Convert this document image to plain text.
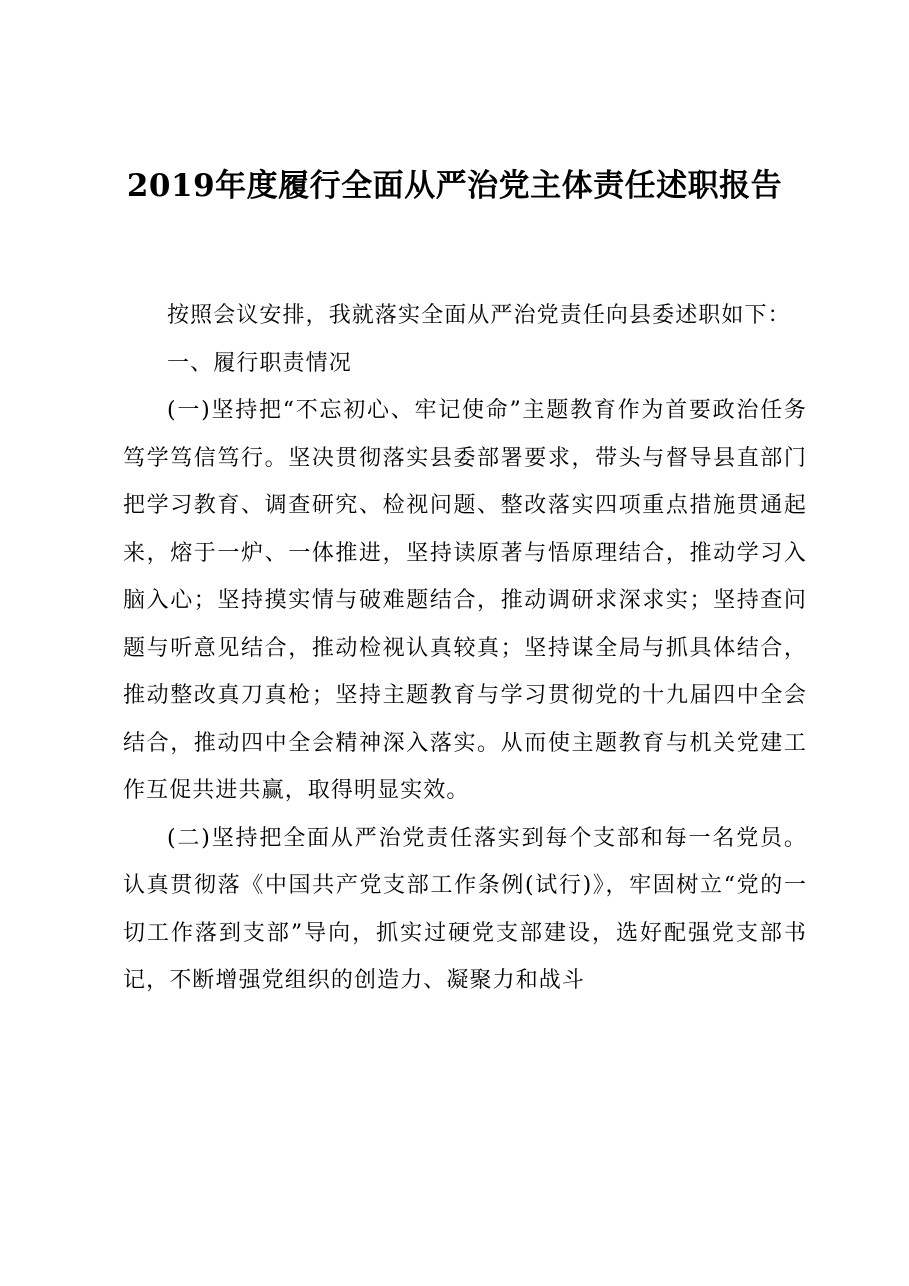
2019年度履行全面从严治党主体责任述职报告

按照会议安排，我就落实全面从严治党责任向县委述职如下：

一、履行职责情况

(一)坚持把“不忘初心、牢记使命”主题教育作为首要政治任务笃学笃信笃行。坚决贯彻落实县委部署要求，带头与督导县直部门把学习教育、调查研究、检视问题、整改落实四项重点措施贯通起来，熔于一炉、一体推进，坚持读原著与悟原理结合，推动学习入脑入心；坚持摸实情与破难题结合，推动调研求深求实；坚持查问题与听意见结合，推动检视认真较真；坚持谋全局与抓具体结合，推动整改真刀真枪；坚持主题教育与学习贯彻党的十九届四中全会结合，推动四中全会精神深入落实。从而使主题教育与机关党建工作互促共进共赢，取得明显实效。

(二)坚持把全面从严治党责任落实到每个支部和每一名党员。认真贯彻落《中国共产党支部工作条例(试行)》，牢固树立“党的一切工作落到支部”导向，抓实过硬党支部建设，选好配强党支部书记，不断增强党组织的创造力、凝聚力和战斗
